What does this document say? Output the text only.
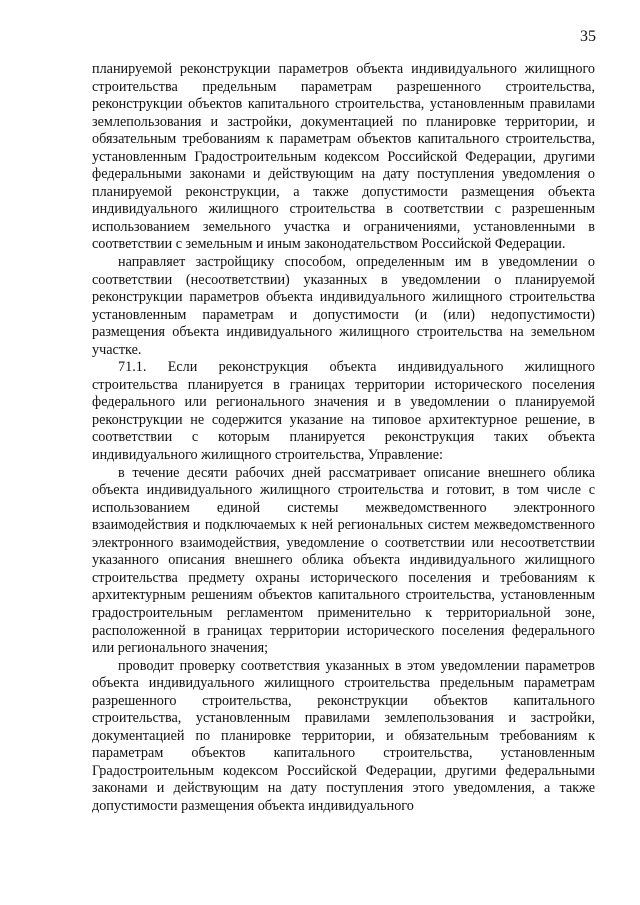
35

планируемой реконструкции параметров объекта индивидуального жилищного строительства предельным параметрам разрешенного строительства, реконструкции объектов капитального строительства, установленным правилами землепользования и застройки, документацией по планировке территории, и обязательным требованиям к параметрам объектов капитального строительства, установленным Градостроительным кодексом Российской Федерации, другими федеральными законами и действующим на дату поступления уведомления о планируемой реконструкции, а также допустимости размещения объекта индивидуального жилищного строительства в соответствии с разрешенным использованием земельного участка и ограничениями, установленными в соответствии с земельным и иным законодательством Российской Федерации.

направляет застройщику способом, определенным им в уведомлении о соответствии (несоответствии) указанных в уведомлении о планируемой реконструкции параметров объекта индивидуального жилищного строительства установленным параметрам и допустимости (и (или) недопустимости) размещения объекта индивидуального жилищного строительства на земельном участке.

71.1. Если реконструкция объекта индивидуального жилищного строительства планируется в границах территории исторического поселения федерального или регионального значения и в уведомлении о планируемой реконструкции не содержится указание на типовое архитектурное решение, в соответствии с которым планируется реконструкция таких объекта индивидуального жилищного строительства, Управление:

в течение десяти рабочих дней рассматривает описание внешнего облика объекта индивидуального жилищного строительства и готовит, в том числе с использованием единой системы межведомственного электронного взаимодействия и подключаемых к ней региональных систем межведомственного электронного взаимодействия, уведомление о соответствии или несоответствии указанного описания внешнего облика объекта индивидуального жилищного строительства предмету охраны исторического поселения и требованиям к архитектурным решениям объектов капитального строительства, установленным градостроительным регламентом применительно к территориальной зоне, расположенной в границах территории исторического поселения федерального или регионального значения;

проводит проверку соответствия указанных в этом уведомлении параметров объекта индивидуального жилищного строительства предельным параметрам разрешенного строительства, реконструкции объектов капитального строительства, установленным правилами землепользования и застройки, документацией по планировке территории, и обязательным требованиям к параметрам объектов капитального строительства, установленным Градостроительным кодексом Российской Федерации, другими федеральными законами и действующим на дату поступления этого уведомления, а также допустимости размещения объекта индивидуального
